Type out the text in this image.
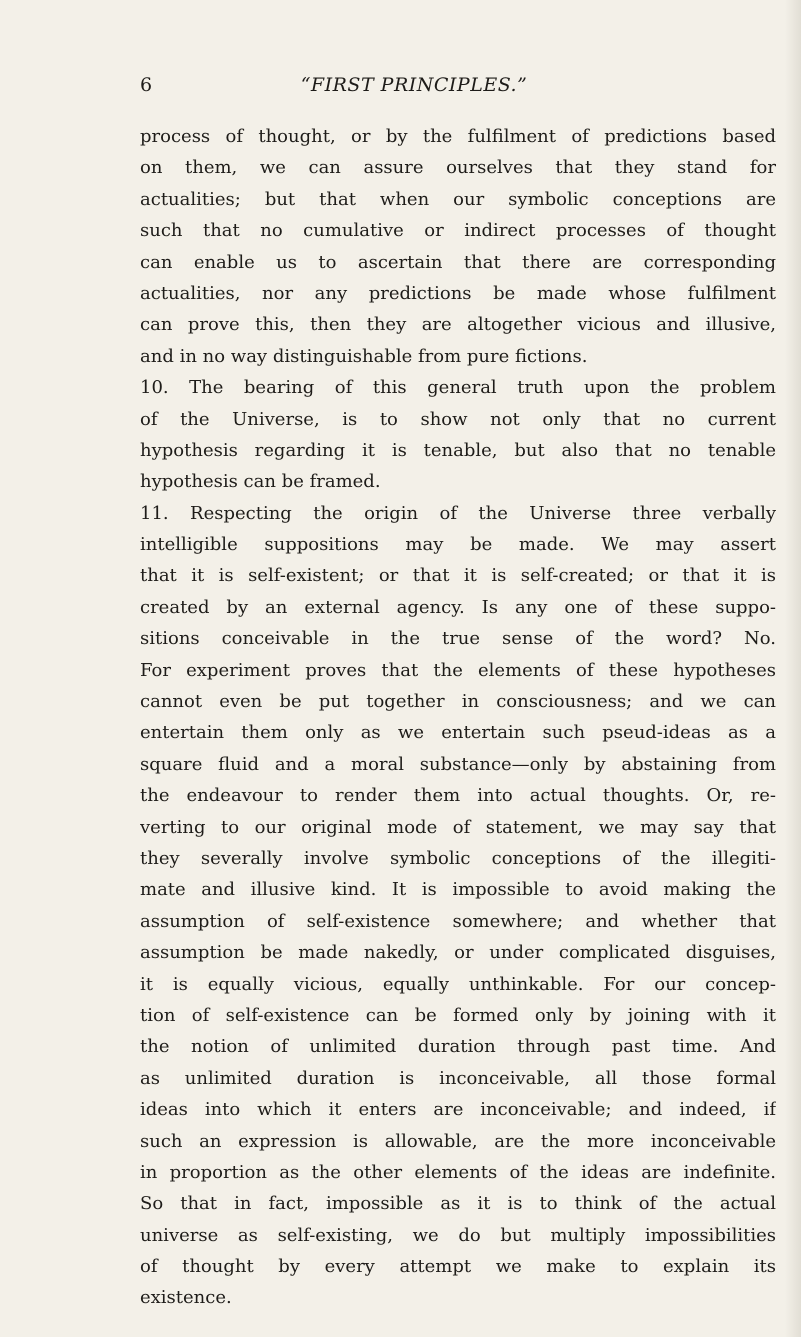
6	“FIRST PRINCIPLES.”
process of thought, or by the fulfilment of predictions based
on them, we can assure ourselves that they stand for
actualities; but that when our symbolic conceptions are
such that no cumulative or indirect processes of thought
can enable us to ascertain that there are corresponding
actualities, nor any predictions be made whose fulfilment
can prove this, then they are altogether vicious and illusive,
and in no way distinguishable from pure fictions.
10. The bearing of this general truth upon the problem
of the Universe, is to show not only that no current
hypothesis regarding it is tenable, but also that no tenable
hypothesis can be framed.
11. Respecting the origin of the Universe three verbally
intelligible suppositions may be made. We may assert
that it is self-existent; or that it is self-created; or that it is
created by an external agency. Is any one of these suppo-
sitions conceivable in the true sense of the word? No.
For experiment proves that the elements of these hypotheses
cannot even be put together in consciousness; and we can
entertain them only as we entertain such pseud-ideas as a
square fluid and a moral substance—only by abstaining from
the endeavour to render them into actual thoughts. Or, re-
verting to our original mode of statement, we may say that
they severally involve symbolic conceptions of the illegiti-
mate and illusive kind. It is impossible to avoid making the
assumption of self-existence somewhere; and whether that
assumption be made nakedly, or under complicated disguises,
it is equally vicious, equally unthinkable. For our concep-
tion of self-existence can be formed only by joining with it
the notion of unlimited duration through past time. And
as unlimited duration is inconceivable, all those formal
ideas into which it enters are inconceivable; and indeed, if
such an expression is allowable, are the more inconceivable
in proportion as the other elements of the ideas are indefinite.
So that in fact, impossible as it is to think of the actual
universe as self-existing, we do but multiply impossibilities
of thought by every attempt we make to explain its
existence.
